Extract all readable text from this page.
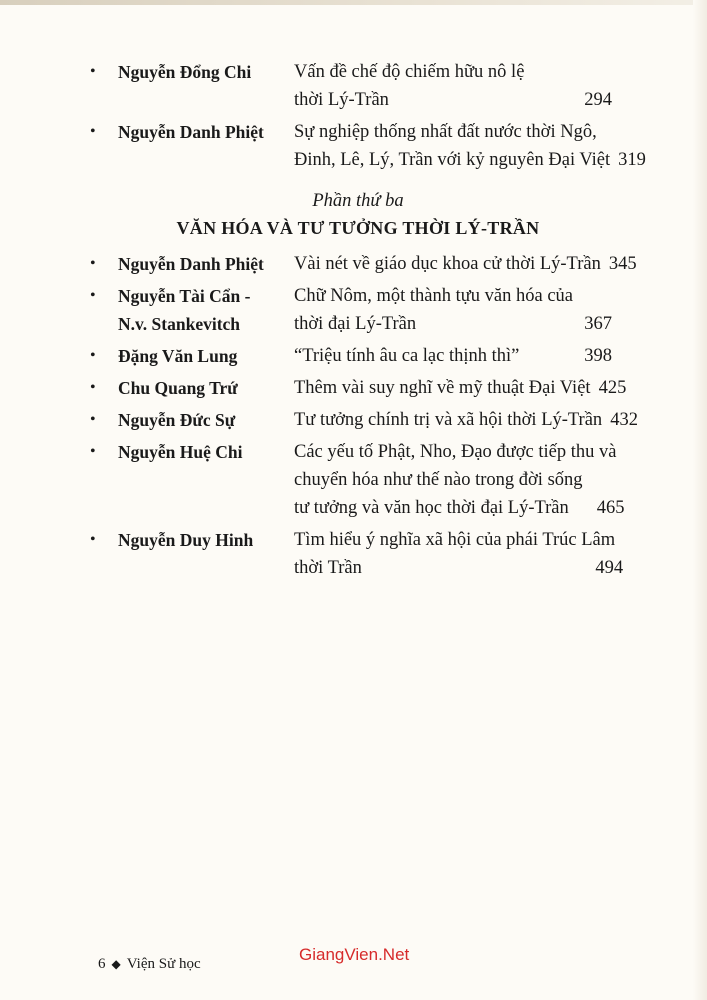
•	Nguyễn Đổng Chi	Vấn đề chế độ chiếm hữu nô lệ
thời Lý-Trần	294
•	Nguyễn Danh Phiệt	Sự nghiệp thống nhất đất nước thời Ngô,
Đinh, Lê, Lý, Trần với kỷ nguyên Đại Việt 319
Phần thứ ba
VĂN HÓA VÀ TƯ TƯỞNG THỜI LÝ-TRẦN
•	Nguyễn Danh Phiệt	Vài nét về giáo dục khoa cử thời Lý-Trần 345
•	Nguyễn Tài Cẩn -
N.v. Stankevitch
Chữ Nôm, một thành tựu văn hóa của
thời đại Lý-Trần	367
•	Đặng Văn Lung	“Triệu tính âu ca lạc thịnh thì”	398
•	Chu Quang Trứ	Thêm vài suy nghĩ về mỹ thuật Đại Việt 425
•	Nguyễn Đức Sự	Tư tưởng chính trị và xã hội thời Lý-Trần 432
•	Nguyễn Huệ Chi	Các yếu tố Phật, Nho, Đạo được tiếp thu và
chuyển hóa như thế nào trong đời sống
tư tưởng và văn học thời đại Lý-Trần 465
•	Nguyễn Duy Hinh	Tìm hiểu ý nghĩa xã hội của phái Trúc Lâm
thời Trần	494
6 ◆ Viện Sử học	GiangVien.Net
